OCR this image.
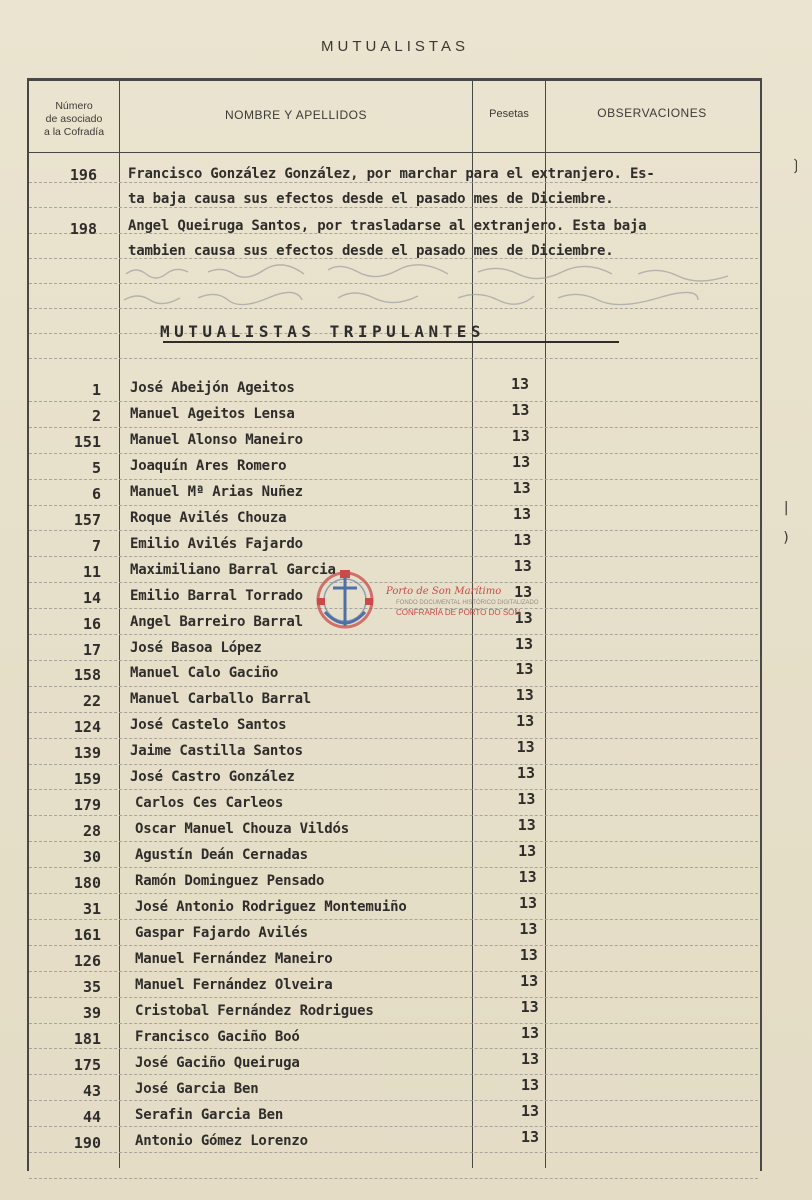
MUTUALISTAS
Número
de asociado
a la Cofradía
NOMBRE Y APELLIDOS	Pesetas	OBSERVACIONES
196 Francisco González González, por marchar para el extranjero. Es-
ta baja causa sus efectos desde el pasado mes de Diciembre.
198 Angel Queiruga Santos, por trasladarse al extranjero. Esta baja
tambien causa sus efectos desde el pasado mes de Diciembre.
❳
MUTUALISTAS TRIPULANTES
1 José Abeijón Ageitos	13
2 Manuel Ageitos Lensa	13
151 Manuel Alonso Maneiro	13
5 Joaquín Ares Romero	13
6 Manuel Mª Arias Nuñez	13
157 Roque Avilés Chouza	13
7 Emilio Avilés Fajardo	13
11 Maximiliano Barral Garcia	13
14 Emilio Barral Torrado	13
16 Angel Barreiro Barral	13
17 José Basoa López	13
158 Manuel Calo Gaciño	13
22 Manuel Carballo Barral	13
124 José Castelo Santos	13
139 Jaime Castilla Santos	13
159 José Castro González	13
179 Carlos Ces Carleos	13
28 Oscar Manuel Chouza Vildós	13
30 Agustín Deán Cernadas	13
180 Ramón Dominguez Pensado	13
31 José Antonio Rodriguez Montemuiño	13
161 Gaspar Fajardo Avilés	13
126 Manuel Fernández Maneiro	13
35 Manuel Fernández Olveira	13
39 Cristobal Fernández Rodrigues	13
181 Francisco Gaciño Boó	13
175 José Gaciño Queiruga	13
43 José Garcia Ben	13
44 Serafin Garcia Ben	13
190 Antonio Gómez Lorenzo	13
Porto de Son Marítimo
FONDO DOCUMENTAL HISTÓRICO DIGITALIZADO
CONFRARÍA DE PORTO DO SON
|
)
